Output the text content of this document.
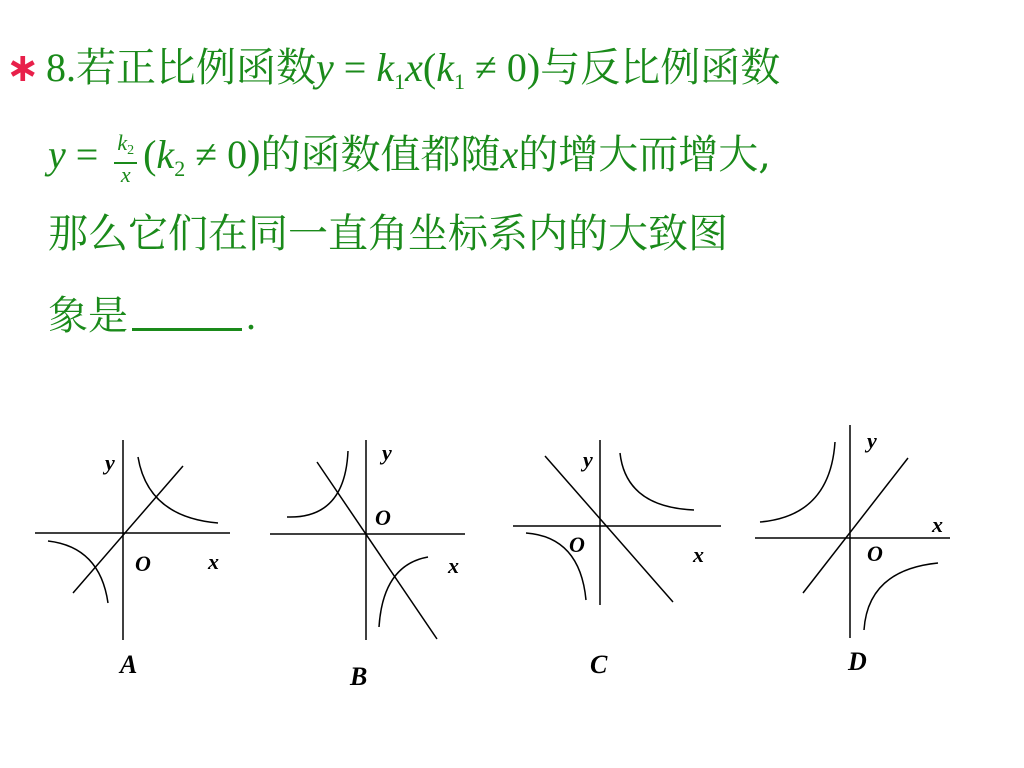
∗ 8.若正比例函数$y = k_1x(k_1 \ne 0)$与反比例函数
$y = \frac{k_2}{x} (k_2 \ne 0)$的函数值都随x的增大而增大,
那么它们在同一直角坐标系内的大致图
象是	.
y
O	x
A
y
O
x
B
y
O	x
C
y
O
x
D
